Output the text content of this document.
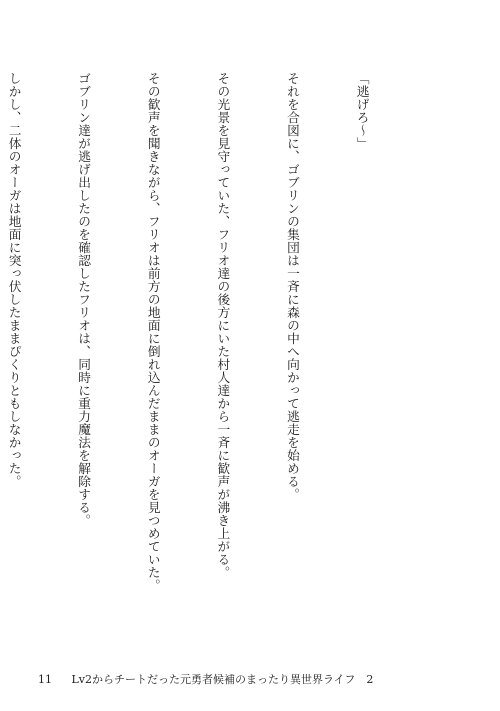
「逃げろ～」

それを合図に、ゴブリンの集団は一斉に森の中へ向かって逃走を始める。

その光景を見守っていた、フリオ達の後方にいた村人達から一斉に歓声が沸き上がる。

その歓声を聞きながら、フリオは前方の地面に倒れ込んだままのオーガを見つめていた。

ゴブリン達が逃げ出したのを確認したフリオは、同時に重力魔法を解除する。

しかし、二体のオーガは地面に突っ伏したままぴくりともしなかった。

11 Lv2からチートだった元勇者候補のまったり異世界ライフ　2
